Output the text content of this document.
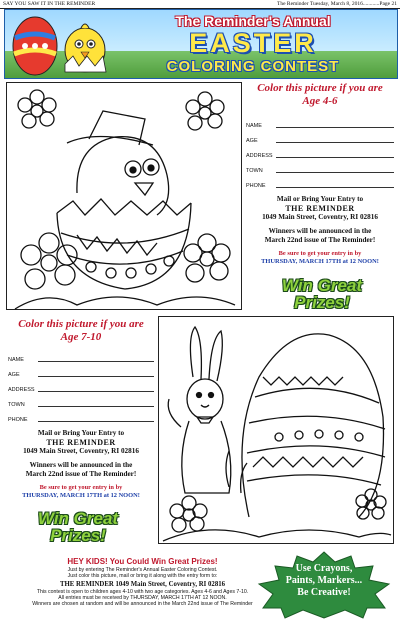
SAY YOU SAW IT IN THE REMINDER	The Reminder Tuesday, March 8, 2016............Page 21
The Reminder's Annual
EASTER
COLORING CONTEST
Color this picture if you are
Age 4-6
NAME
AGE
ADDRESS
TOWN
PHONE
Mail or Bring Your Entry to
THE REMINDER
1049 Main Street, Coventry, RI 02816
Winners will be announced in the
March 22nd issue of The Reminder!
Be sure to get your entry in by
THURSDAY, MARCH 17TH at 12 NOON!
Win Great
Prizes!
Color this picture if you are
Age 7-10
NAME
AGE
ADDRESS
TOWN
PHONE
Mail or Bring Your Entry to
THE REMINDER
1049 Main Street, Coventry, RI 02816
Winners will be announced in the
March 22nd issue of The Reminder!
Be sure to get your entry in by
THURSDAY, MARCH 17TH at 12 NOON!
Win Great
Prizes!
HEY KIDS! You Could Win Great Prizes!
Just by entering The Reminder's Annual Easter Coloring Contest.
Just color this picture, mail or bring it along with the entry form to:
THE REMINDER 1049 Main Street, Coventry, RI 02816
This contest is open to children ages 4-10 with two age categories. Ages 4-6 and Ages 7-10.
All entries must be received by THURSDAY, MARCH 17TH AT 12 NOON.
Winners are chosen at random and will be announced in the March 22nd issue of The Reminder
Use Crayons,
Paints, Markers...
Be Creative!
